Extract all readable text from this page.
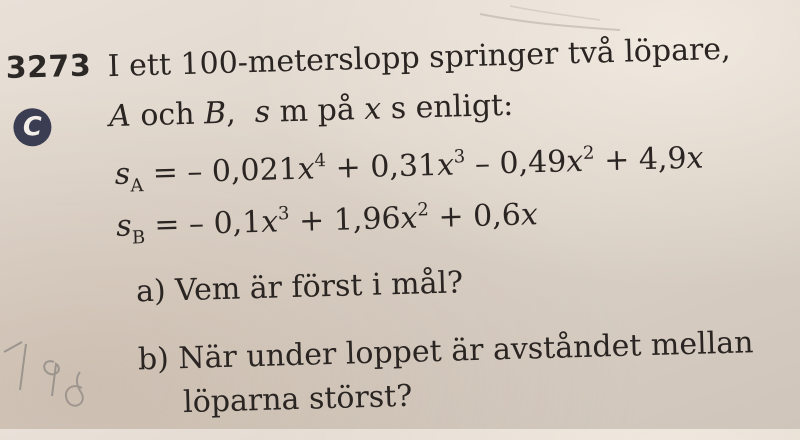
3273
C
I ett 100-meterslopp springer två löpare,
A och B, s m på x s enligt:
$s_A$ = – $0,021x^4 + 0,31x^3 - 0,49x^2 + 4,9x$
$s_B$ = – $0,1x^3 + 1,96x^2 + 0,6x$
a) Vem är först i mål?
b) När under loppet är avståndet mellan
löparna störst?
